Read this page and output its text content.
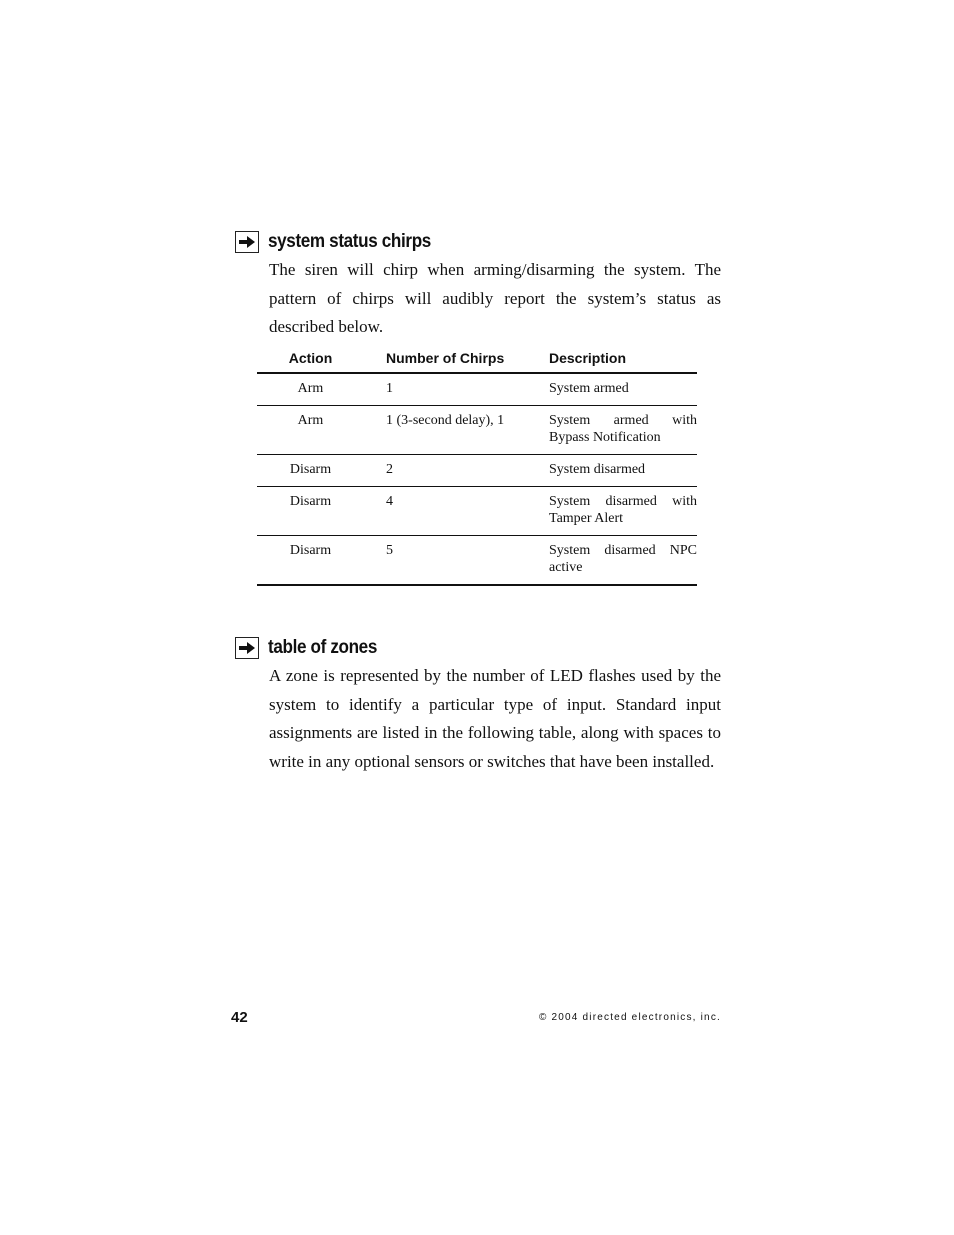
system status chirps

The siren will chirp when arming/disarming the system. The pattern of chirps will audibly report the system’s status as described below.

Action	Number of Chirps	Description
Arm	1	System armed
Arm	1 (3-second delay), 1	System armed with Bypass Notification
Disarm	2	System disarmed
Disarm	4	System disarmed with Tamper Alert
Disarm	5	System disarmed NPC active
table of zones

A zone is represented by the number of LED flashes used by the system to identify a particular type of input. Standard input assignments are listed in the following table, along with spaces to write in any optional sensors or switches that have been installed.

42	© 2004 directed electronics, inc.
